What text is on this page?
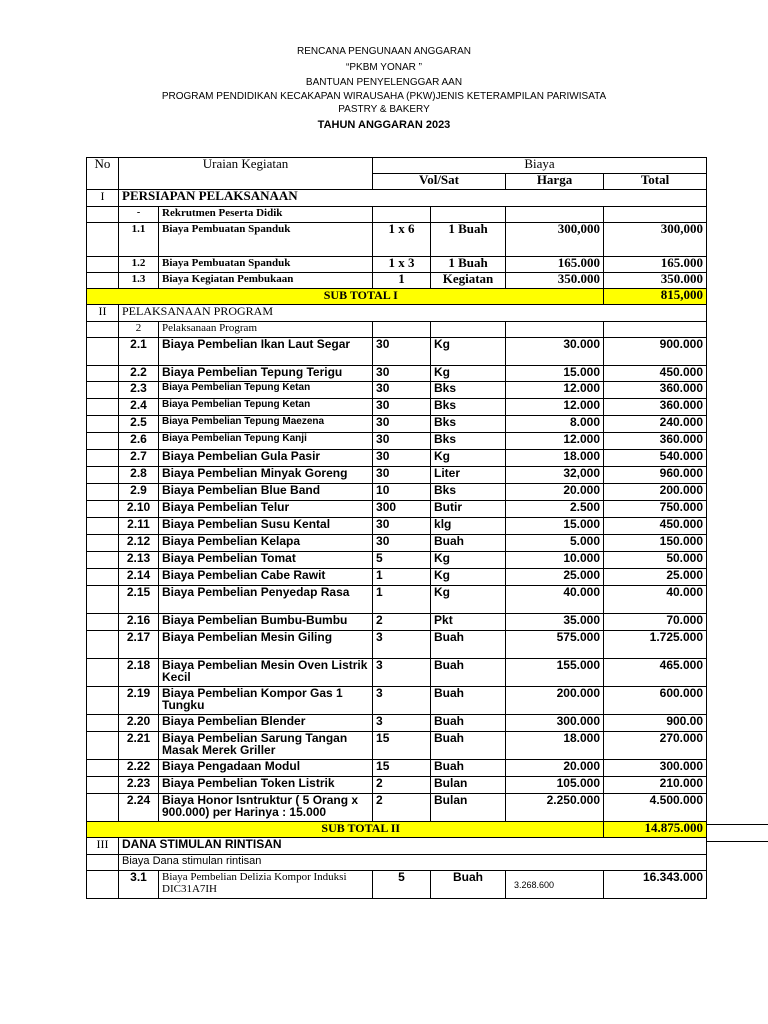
RENCANA PENGUNAAN ANGGARAN
“PKBM YONAR ”
BANTUAN PENYELENGGAR AAN
PROGRAM PENDIDIKAN KECAKAPAN WIRAUSAHA (PKW)JENIS KETERAMPILAN PARIWISATA
PASTRY & BAKERY
TAHUN ANGGARAN 2023
No	Uraian Kegiatan		Biaya			
			Vol/Sat		Harga	Total
I	PERSIAPAN PELAKSANAAN					
	-	Rekrutmen Peserta Didik				
	1.1	Biaya Pembuatan Spanduk	1 x 6	1 Buah	300,000	300,000
	1.2	Biaya Pembuatan Spanduk	1 x 3	1 Buah	165.000	165.000
	1.3	Biaya Kegiatan Pembukaan	1	Kegiatan	350.000	350.000
	SUB TOTAL I					815,000
II	PELAKSANAAN PROGRAM					
	2	Pelaksanaan Program				
	2.1	Biaya Pembelian Ikan Laut Segar	30	Kg	30.000	900.000
	2.2	Biaya Pembelian Tepung Terigu	30	Kg	15.000	450.000
	2.3	Biaya Pembelian Tepung Ketan	30	Bks	12.000	360.000
	2.4	Biaya Pembelian Tepung Ketan	30	Bks	12.000	360.000
	2.5	Biaya Pembelian Tepung Maezena	30	Bks	8.000	240.000
	2.6	Biaya Pembelian Tepung Kanji	30	Bks	12.000	360.000
	2.7	Biaya Pembelian Gula Pasir	30	Kg	18.000	540.000
	2.8	Biaya Pembelian Minyak Goreng	30	Liter	32,000	960.000
	2.9	Biaya Pembelian Blue Band	10	Bks	20.000	200.000
	2.10	Biaya Pembelian Telur	300	Butir	2.500	750.000
	2.11	Biaya Pembelian Susu Kental	30	klg	15.000	450.000
	2.12	Biaya Pembelian Kelapa	30	Buah	5.000	150.000
	2.13	Biaya Pembelian Tomat	5	Kg	10.000	50.000
	2.14	Biaya Pembelian Cabe Rawit	1	Kg	25.000	25.000
	2.15	Biaya Pembelian Penyedap Rasa	1	Kg	40.000	40.000
	2.16	Biaya Pembelian Bumbu-Bumbu	2	Pkt	35.000	70.000
	2.17	Biaya Pembelian Mesin Giling	3	Buah	575.000	1.725.000
	2.18	Biaya Pembelian Mesin Oven Listrik Kecil	3	Buah	155.000	465.000
	2.19	Biaya Pembelian Kompor Gas 1 Tungku	3	Buah	200.000	600.000
	2.20	Biaya Pembelian Blender	3	Buah	300.000	900.00
	2.21	Biaya Pembelian Sarung Tangan Masak Merek Griller	15	Buah	18.000	270.000
	2.22	Biaya Pengadaan Modul	15	Buah	20.000	300.000
	2.23	Biaya Pembelian Token Listrik	2	Bulan	105.000	210.000
	2.24	Biaya Honor Isntruktur ( 5 Orang x 900.000) per Harinya : 15.000	2	Bulan	2.250.000	4.500.000
	SUB TOTAL II					14.875.000
III	DANA STIMULAN RINTISAN					
	Biaya Dana stimulan rintisan					
	3.1	Biaya Pembelian Delizia Kompor Induksi DIC31A7IH	5	Buah	3.268.600	16.343.000
